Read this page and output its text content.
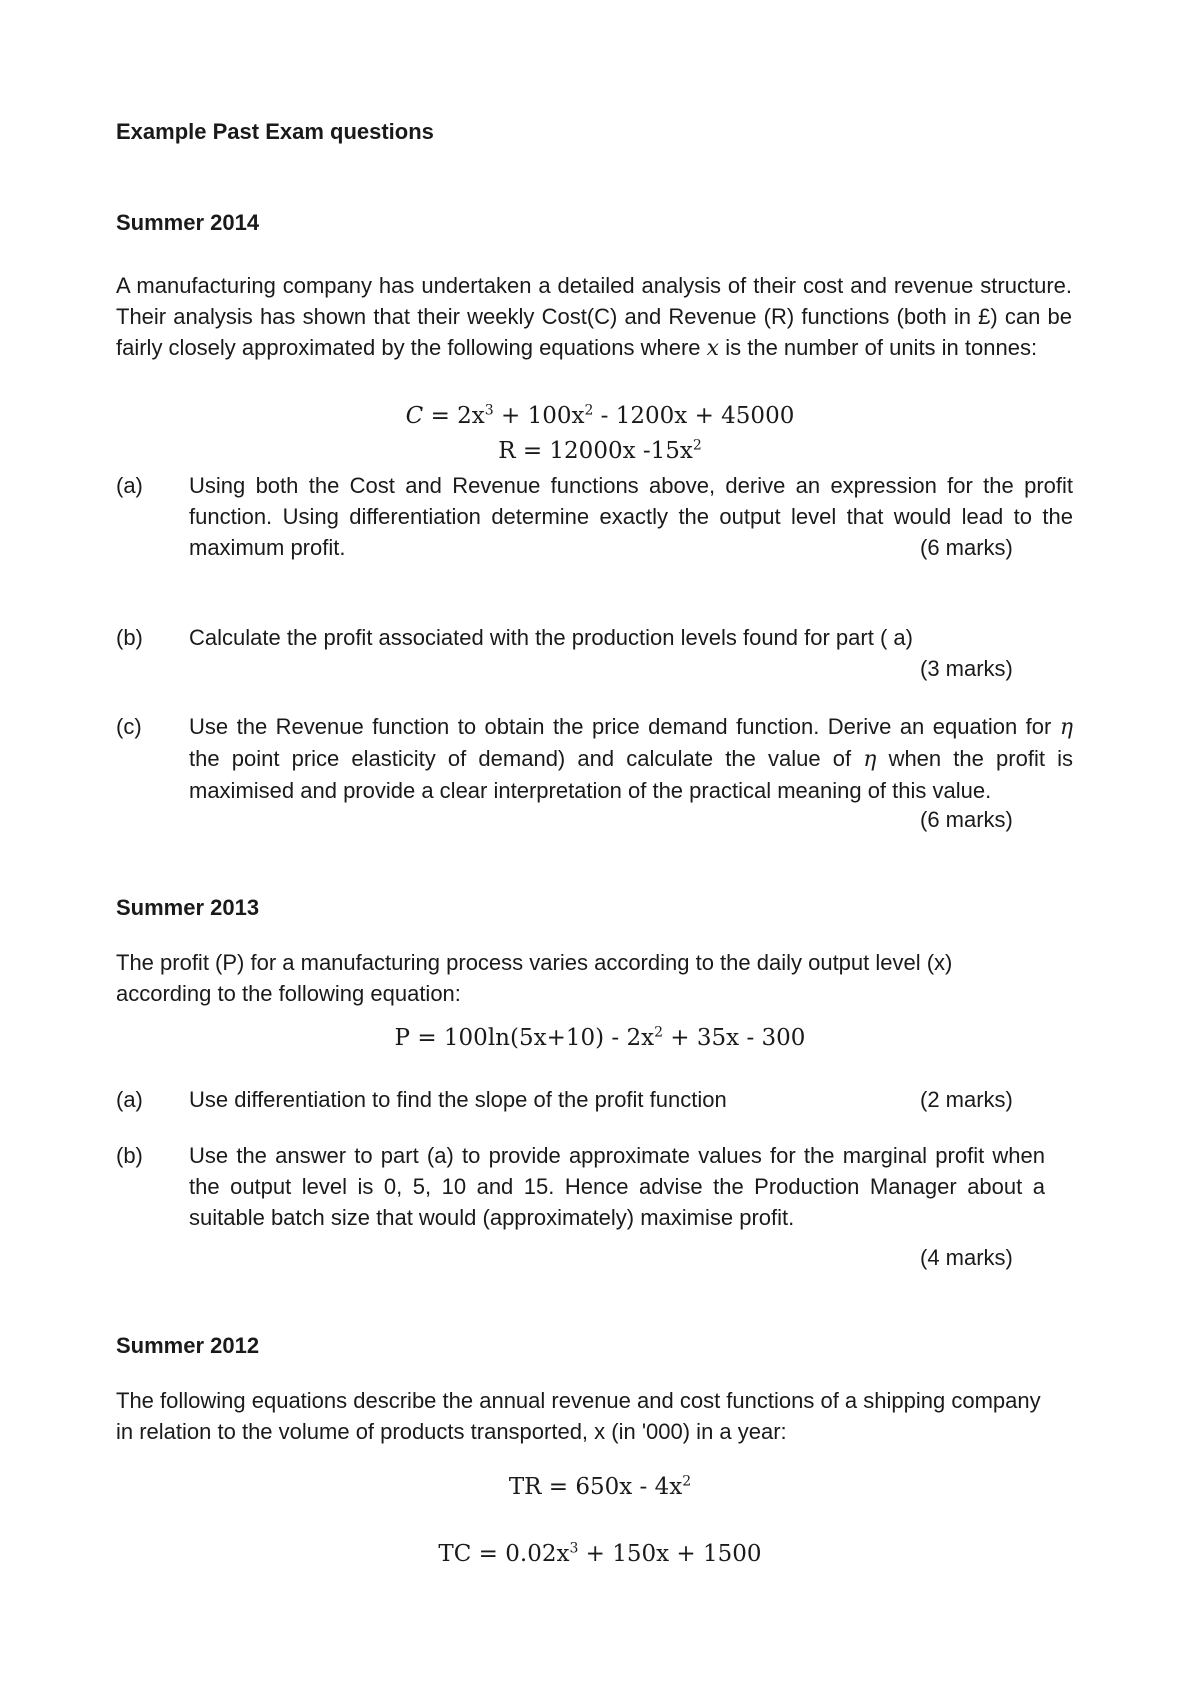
Example Past Exam questions
Summer 2014
A manufacturing company has undertaken a detailed analysis of their cost and revenue structure. Their analysis has shown that their weekly Cost(C) and Revenue (R) functions (both in £) can be fairly closely approximated by the following equations where x is the number of units in tonnes:
$C = 2x^3 + 100x^2 - 1200x + 45000$
R = 12000x $-15x^2$
(a) Using both the Cost and Revenue functions above, derive an expression for the profit function. Using differentiation determine exactly the output level that would lead to the maximum profit.	(6 marks)
(b) Calculate the profit associated with the production levels found for part ( a)
(3 marks)
(c) Use the Revenue function to obtain the price demand function. Derive an equation for η the point price elasticity of demand) and calculate the value of η when the profit is maximised and provide a clear interpretation of the practical meaning of this value.
(6 marks)
Summer 2013
The profit (P) for a manufacturing process varies according to the daily output level (x) according to the following equation:
$P = 100\ln(5x+10) - 2x^2 + 35x - 300$
(a) Use differentiation to find the slope of the profit function	(2 marks)
(b) Use the answer to part (a) to provide approximate values for the marginal profit when the output level is 0, 5, 10 and 15. Hence advise the Production Manager about a suitable batch size that would (approximately) maximise profit.
(4 marks)
Summer 2012
The following equations describe the annual revenue and cost functions of a shipping company in relation to the volume of products transported, x (in '000) in a year:
TR = $650x - 4x^2$
TC = $0.02x^3 + 150x + 1500$
